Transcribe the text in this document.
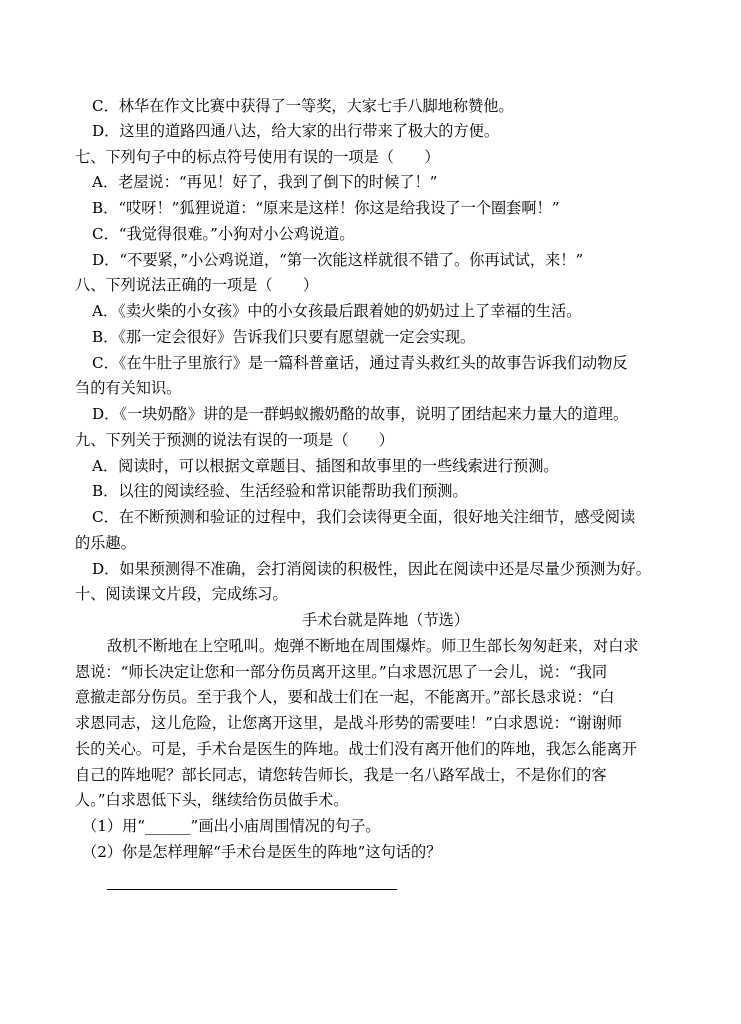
C．林华在作文比赛中获得了一等奖，大家七手八脚地称赞他。
D．这里的道路四通八达，给大家的出行带来了极大的方便。
七、下列句子中的标点符号使用有误的一项是（　　）
A．老屋说：“再见！好了，我到了倒下的时候了！”
B．“哎呀！”狐狸说道：“原来是这样！你这是给我设了一个圈套啊！”
C．“我觉得很难。”小狗对小公鸡说道。
D．“不要紧，”小公鸡说道，“第一次能这样就很不错了。你再试试，来！”
八、下列说法正确的一项是（　　）
A．《卖火柴的小女孩》中的小女孩最后跟着她的奶奶过上了幸福的生活。
B．《那一定会很好》告诉我们只要有愿望就一定会实现。
C．《在牛肚子里旅行》是一篇科普童话，通过青头救红头的故事告诉我们动物反
刍的有关知识。
D．《一块奶酪》讲的是一群蚂蚁搬奶酪的故事，说明了团结起来力量大的道理。
九、下列关于预测的说法有误的一项是（　　）
A．阅读时，可以根据文章题目、插图和故事里的一些线索进行预测。
B．以往的阅读经验、生活经验和常识能帮助我们预测。
C．在不断预测和验证的过程中，我们会读得更全面，很好地关注细节，感受阅读
的乐趣。
D．如果预测得不准确，会打消阅读的积极性，因此在阅读中还是尽量少预测为好。
十、阅读课文片段，完成练习。
手术台就是阵地（节选）
敌机不断地在上空吼叫。炮弹不断地在周围爆炸。师卫生部长匆匆赶来，对白求
恩说：“师长决定让您和一部分伤员离开这里。”白求恩沉思了一会儿，说：“我同
意撤走部分伤员。至于我个人，要和战士们在一起，不能离开。”部长恳求说：“白
求恩同志，这儿危险，让您离开这里，是战斗形势的需要哇！”白求恩说：“谢谢师
长的关心。可是，手术台是医生的阵地。战士们没有离开他们的阵地，我怎么能离开
自己的阵地呢？部长同志，请您转告师长，我是一名八路军战士，不是你们的客
人。”白求恩低下头，继续给伤员做手术。
（1）用“______”画出小庙周围情况的句子。
（2）你是怎样理解“手术台是医生的阵地”这句话的？
